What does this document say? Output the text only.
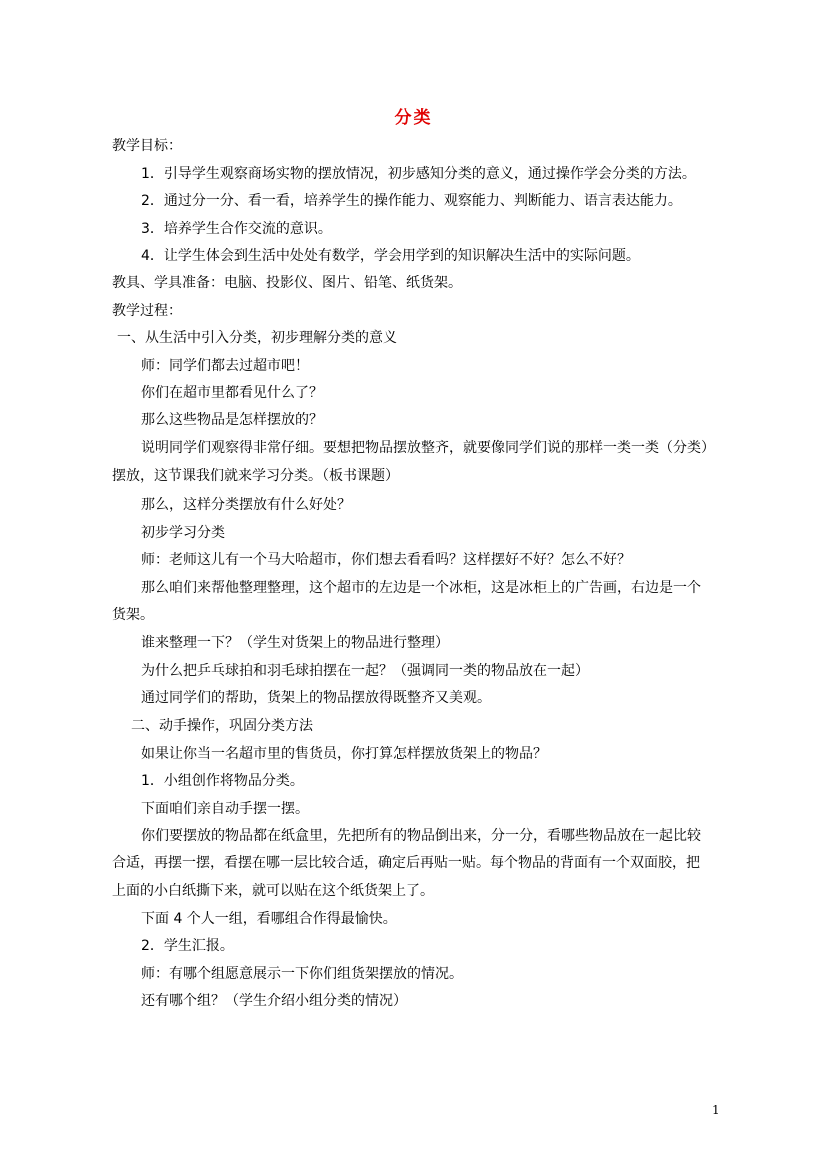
分类
教学目标：
1．引导学生观察商场实物的摆放情况，初步感知分类的意义，通过操作学会分类的方法。
2．通过分一分、看一看，培养学生的操作能力、观察能力、判断能力、语言表达能力。
3．培养学生合作交流的意识。
4．让学生体会到生活中处处有数学，学会用学到的知识解决生活中的实际问题。
教具、学具准备：电脑、投影仪、图片、铅笔、纸货架。
教学过程：
一、从生活中引入分类，初步理解分类的意义
师：同学们都去过超市吧！
你们在超市里都看见什么了？
那么这些物品是怎样摆放的？
说明同学们观察得非常仔细。要想把物品摆放整齐，就要像同学们说的那样一类一类（分类）
摆放，这节课我们就来学习分类。（板书课题）
那么，这样分类摆放有什么好处？
初步学习分类
师：老师这儿有一个马大哈超市，你们想去看看吗？这样摆好不好？怎么不好？
那么咱们来帮他整理整理，这个超市的左边是一个冰柜，这是冰柜上的广告画，右边是一个
货架。
谁来整理一下？（学生对货架上的物品进行整理）
为什么把乒乓球拍和羽毛球拍摆在一起？（强调同一类的物品放在一起）
通过同学们的帮助，货架上的物品摆放得既整齐又美观。
二、动手操作，巩固分类方法
如果让你当一名超市里的售货员，你打算怎样摆放货架上的物品？
1．小组创作将物品分类。
下面咱们亲自动手摆一摆。
你们要摆放的物品都在纸盒里，先把所有的物品倒出来，分一分，看哪些物品放在一起比较
合适，再摆一摆，看摆在哪一层比较合适，确定后再贴一贴。每个物品的背面有一个双面胶，把
上面的小白纸撕下来，就可以贴在这个纸货架上了。
下面 4 个人一组，看哪组合作得最愉快。
2．学生汇报。
师：有哪个组愿意展示一下你们组货架摆放的情况。
还有哪个组？（学生介绍小组分类的情况）
1
